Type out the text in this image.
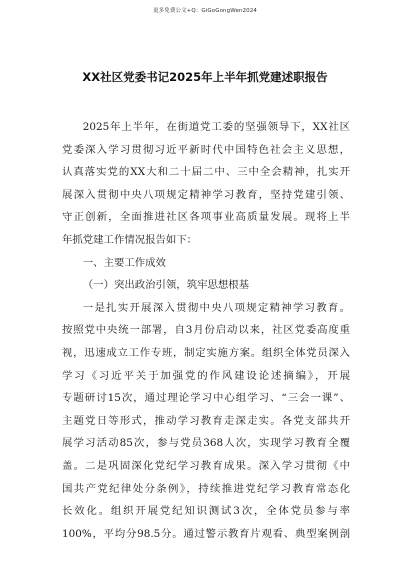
更多免费公文+Q：GiGoGongWen2024
XX社区党委书记2025年上半年抓党建述职报告
2025年上半年，在街道党工委的坚强领导下，XX社区
党委深入学习贯彻习近平新时代中国特色社会主义思想，
认真落实党的XX大和二十届二中、三中全会精神，扎实开
展深入贯彻中央八项规定精神学习教育，坚持党建引领、
守正创新，全面推进社区各项事业高质量发展。现将上半
年抓党建工作情况报告如下：
一、主要工作成效
（一）突出政治引领，筑牢思想根基
一是扎实开展深入贯彻中央八项规定精神学习教育。
按照党中央统一部署，自3月份启动以来，社区党委高度重
视，迅速成立工作专班，制定实施方案。组织全体党员深入
学习《习近平关于加强党的作风建设论述摘编》，开展
专题研讨15次，通过理论学习中心组学习、“三会一课”、
主题党日等形式，推动学习教育走深走实。各党支部共开
展学习活动85次，参与党员368人次，实现学习教育全覆
盖。二是巩固深化党纪学习教育成果。深入学习贯彻《中
国共产党纪律处分条例》，持续推进党纪学习教育常态化
长效化。组织开展党纪知识测试3次，全体党员参与率
100%，平均分98.5分。通过警示教育片观看、典型案例剖
